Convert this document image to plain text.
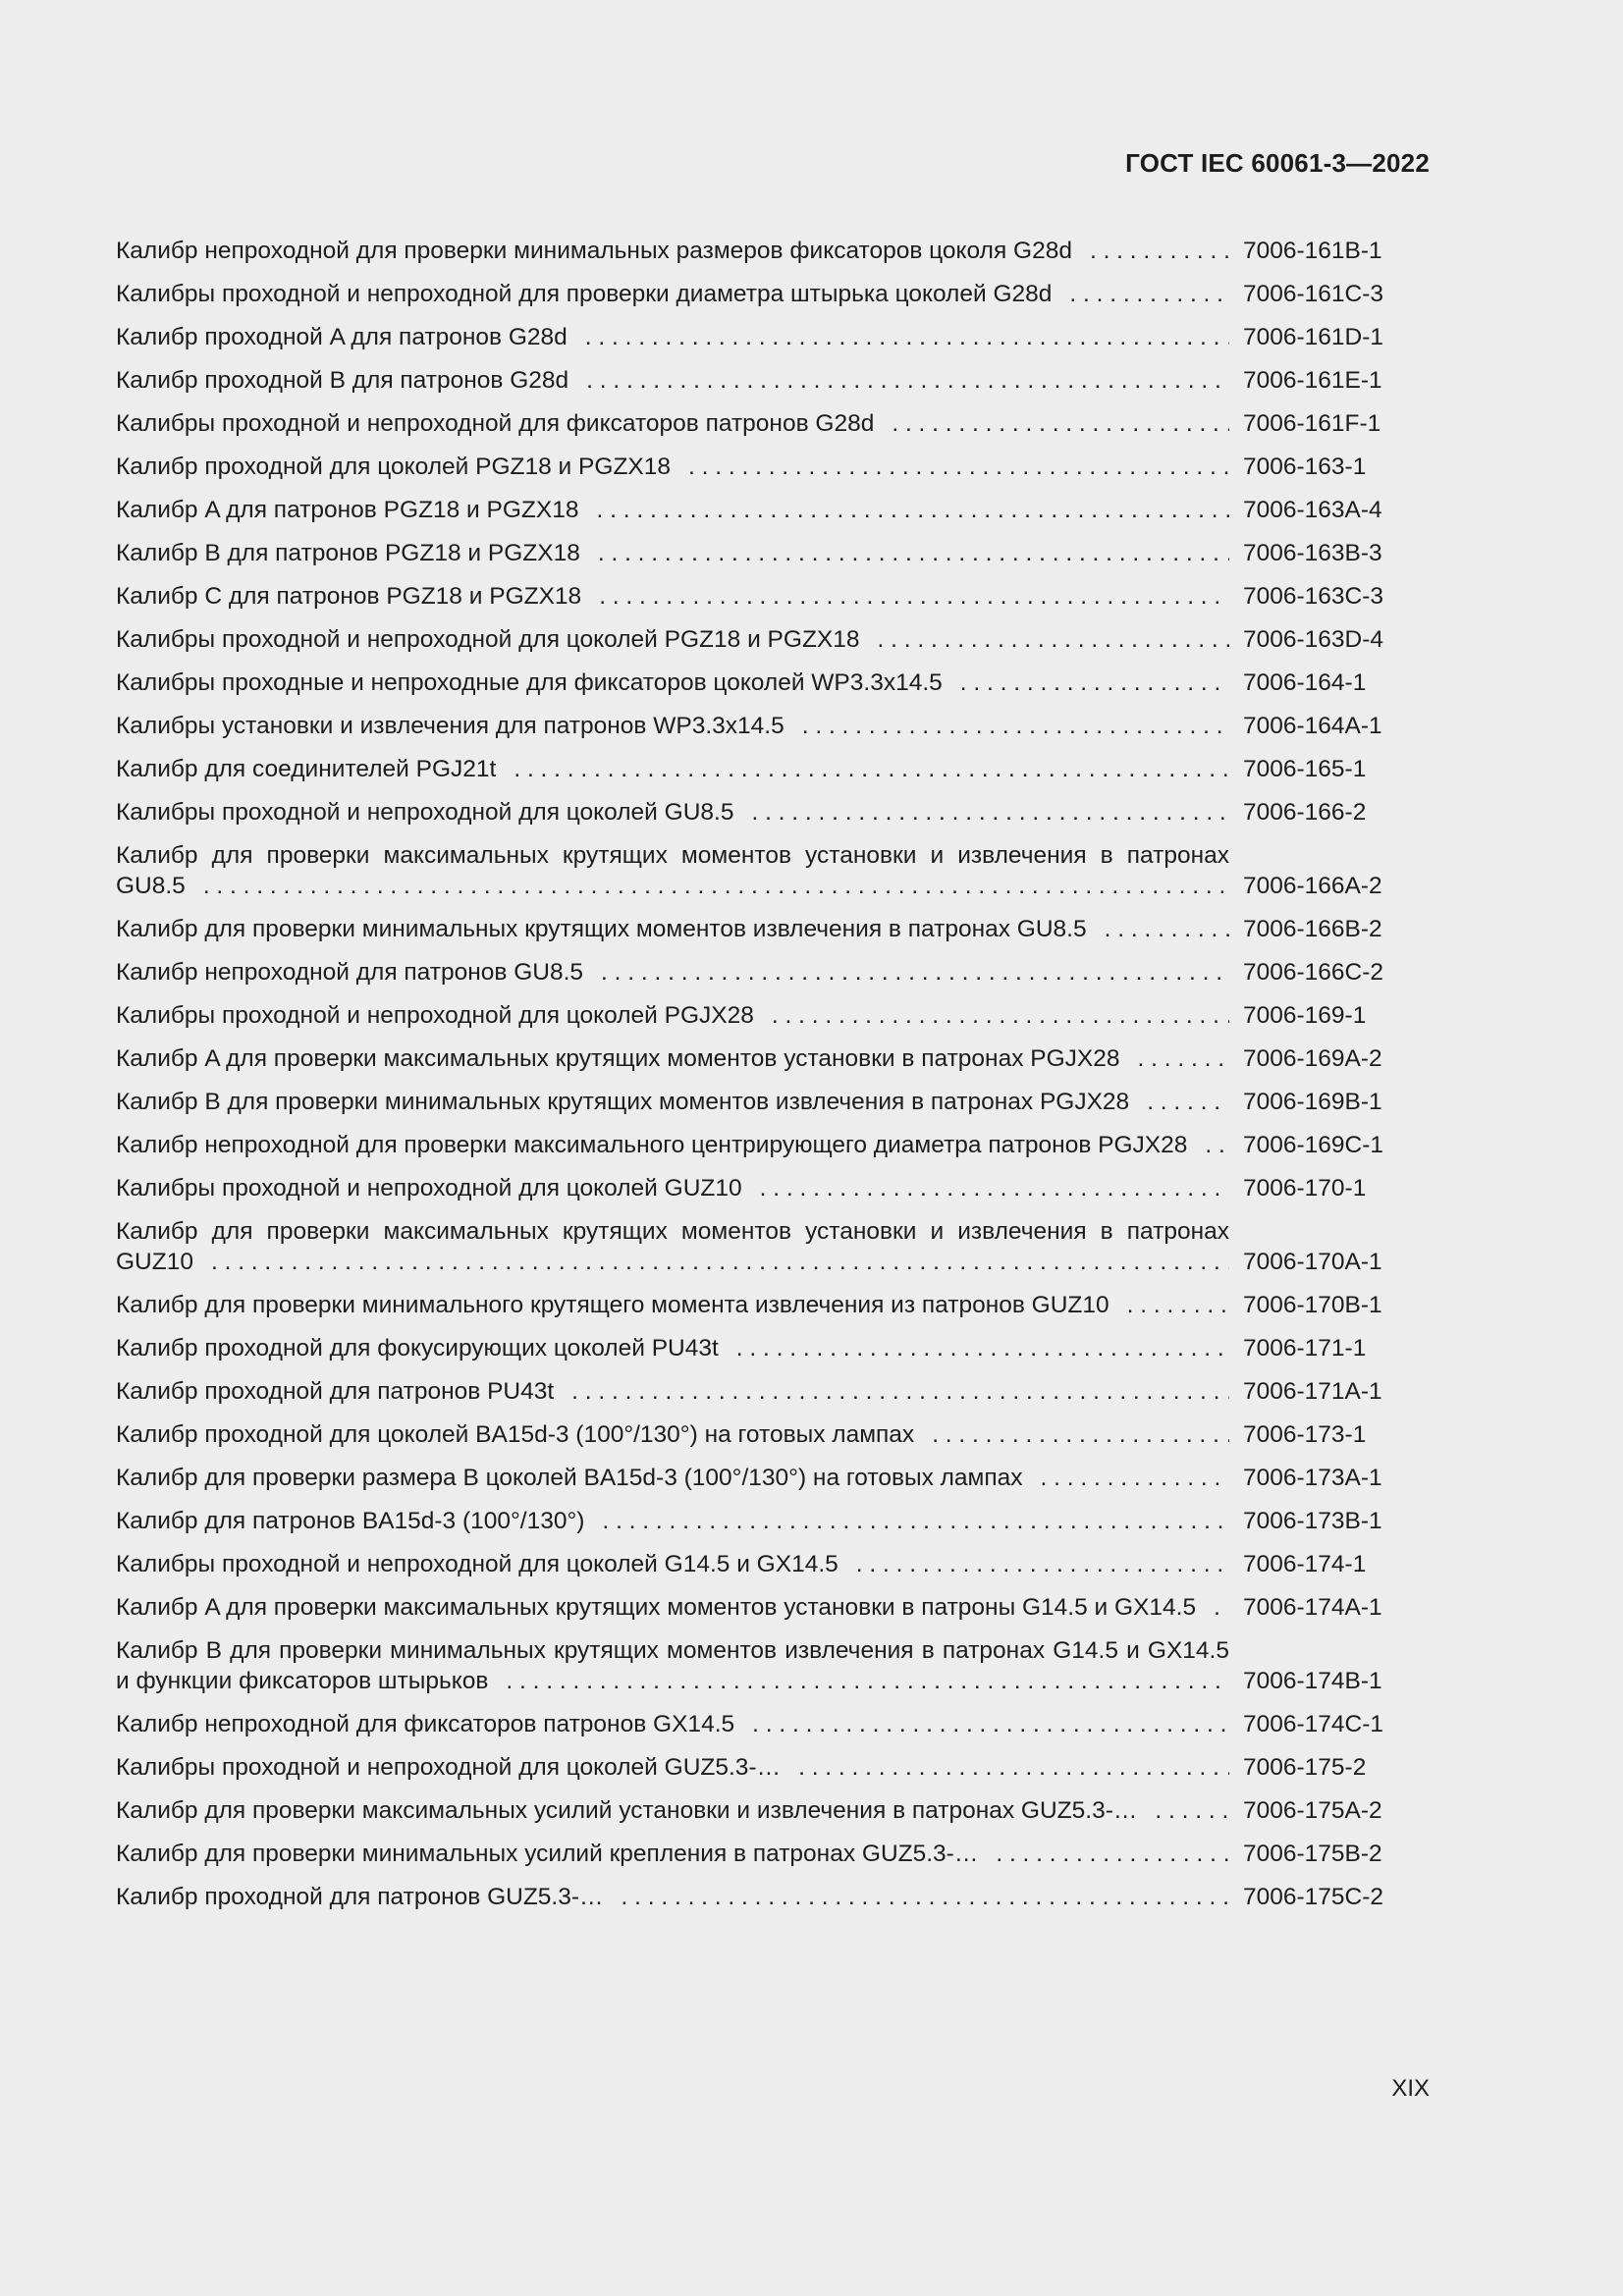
ГОСТ IEC 60061-3—2022
Калибр непроходной для проверки минимальных размеров фиксаторов цоколя G28d . . .	7006-161B-1
Калибры проходной и непроходной для проверки диаметра штырька цоколей G28d . . .	7006-161C-3
Калибр проходной A для патронов G28d . . .	7006-161D-1
Калибр проходной B для патронов G28d . . .	7006-161E-1
Калибры проходной и непроходной для фиксаторов патронов G28d . . .	7006-161F-1
Калибр проходной для цоколей PGZ18 и PGZX18 . . .	7006-163-1
Калибр A для патронов PGZ18 и PGZX18 . . .	7006-163A-4
Калибр B для патронов PGZ18 и PGZX18 . . .	7006-163B-3
Калибр C для патронов PGZ18 и PGZX18 . . .	7006-163C-3
Калибры проходной и непроходной для цоколей PGZ18 и PGZX18 . . .	7006-163D-4
Калибры проходные и непроходные для фиксаторов цоколей WP3.3x14.5 . . .	7006-164-1
Калибры установки и извлечения для патронов WP3.3x14.5 . . .	7006-164A-1
Калибр для соединителей PGJ21t . . .	7006-165-1
Калибры проходной и непроходной для цоколей GU8.5 . . .	7006-166-2
Калибр для проверки максимальных крутящих моментов установки и извлечения в патронах GU8.5 . . .	7006-166A-2
Калибр для проверки минимальных крутящих моментов извлечения в патронах GU8.5 . . .	7006-166B-2
Калибр непроходной для патронов GU8.5 . . .	7006-166C-2
Калибры проходной и непроходной для цоколей PGJX28 . . .	7006-169-1
Калибр A для проверки максимальных крутящих моментов установки в патронах PGJX28 . . .	7006-169A-2
Калибр B для проверки минимальных крутящих моментов извлечения в патронах PGJX28 . . .	7006-169B-1
Калибр непроходной для проверки максимального центрирующего диаметра патронов PGJX28 . . .	7006-169C-1
Калибры проходной и непроходной для цоколей GUZ10 . . .	7006-170-1
Калибр для проверки максимальных крутящих моментов установки и извлечения в патронах GUZ10 . . .	7006-170A-1
Калибр для проверки минимального крутящего момента извлечения из патронов GUZ10 . . .	7006-170B-1
Калибр проходной для фокусирующих цоколей PU43t . . .	7006-171-1
Калибр проходной для патронов PU43t . . .	7006-171A-1
Калибр проходной для цоколей BA15d-3 (100°/130°) на готовых лампах . . .	7006-173-1
Калибр для проверки размера B цоколей BA15d-3 (100°/130°) на готовых лампах . . .	7006-173A-1
Калибр для патронов BA15d-3 (100°/130°) . . .	7006-173B-1
Калибры проходной и непроходной для цоколей G14.5 и GX14.5 . . .	7006-174-1
Калибр A для проверки максимальных крутящих моментов установки в патроны G14.5 и GX14.5 . . .	7006-174A-1
Калибр B для проверки минимальных крутящих моментов извлечения в патронах G14.5 и GX14.5 и функции фиксаторов штырьков . . .	7006-174B-1
Калибр непроходной для фиксаторов патронов GX14.5 . . .	7006-174C-1
Калибры проходной и непроходной для цоколей GUZ5.3-… . . .	7006-175-2
Калибр для проверки максимальных усилий установки и извлечения в патронах GUZ5.3-… . . .	7006-175A-2
Калибр для проверки минимальных усилий крепления в патронах GUZ5.3-… . . .	7006-175B-2
Калибр проходной для патронов GUZ5.3-… . . .	7006-175C-2
XIX
